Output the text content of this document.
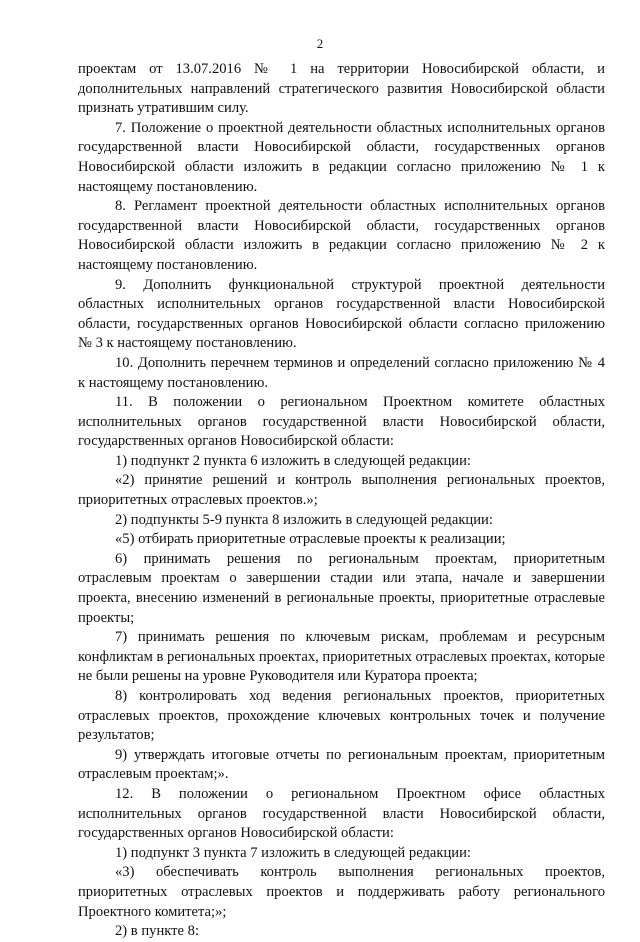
2

проектам от 13.07.2016 № 1 на территории Новосибирской области, и дополнительных направлений стратегического развития Новосибирской области признать утратившим силу.

7. Положение о проектной деятельности областных исполнительных органов государственной власти Новосибирской области, государственных органов Новосибирской области изложить в редакции согласно приложению № 1 к настоящему постановлению.

8. Регламент проектной деятельности областных исполнительных органов государственной власти Новосибирской области, государственных органов Новосибирской области изложить в редакции согласно приложению № 2 к настоящему постановлению.

9. Дополнить функциональной структурой проектной деятельности областных исполнительных органов государственной власти Новосибирской области, государственных органов Новосибирской области согласно приложению № 3 к настоящему постановлению.

10. Дополнить перечнем терминов и определений согласно приложению № 4 к настоящему постановлению.

11. В положении о региональном Проектном комитете областных исполнительных органов государственной власти Новосибирской области, государственных органов Новосибирской области:

1) подпункт 2 пункта 6 изложить в следующей редакции:

«2) принятие решений и контроль выполнения региональных проектов, приоритетных отраслевых проектов.»;

2) подпункты 5-9 пункта 8 изложить в следующей редакции:

«5) отбирать приоритетные отраслевые проекты к реализации;

6) принимать решения по региональным проектам, приоритетным отраслевым проектам о завершении стадии или этапа, начале и завершении проекта, внесению изменений в региональные проекты, приоритетные отраслевые проекты;

7) принимать решения по ключевым рискам, проблемам и ресурсным конфликтам в региональных проектах, приоритетных отраслевых проектах, которые не были решены на уровне Руководителя или Куратора проекта;

8) контролировать ход ведения региональных проектов, приоритетных отраслевых проектов, прохождение ключевых контрольных точек и получение результатов;

9) утверждать итоговые отчеты по региональным проектам, приоритетным отраслевым проектам;».

12. В положении о региональном Проектном офисе областных исполнительных органов государственной власти Новосибирской области, государственных органов Новосибирской области:

1) подпункт 3 пункта 7 изложить в следующей редакции:

«3) обеспечивать контроль выполнения региональных проектов, приоритетных отраслевых проектов и поддерживать работу регионального Проектного комитета;»;

2) в пункте 8:
